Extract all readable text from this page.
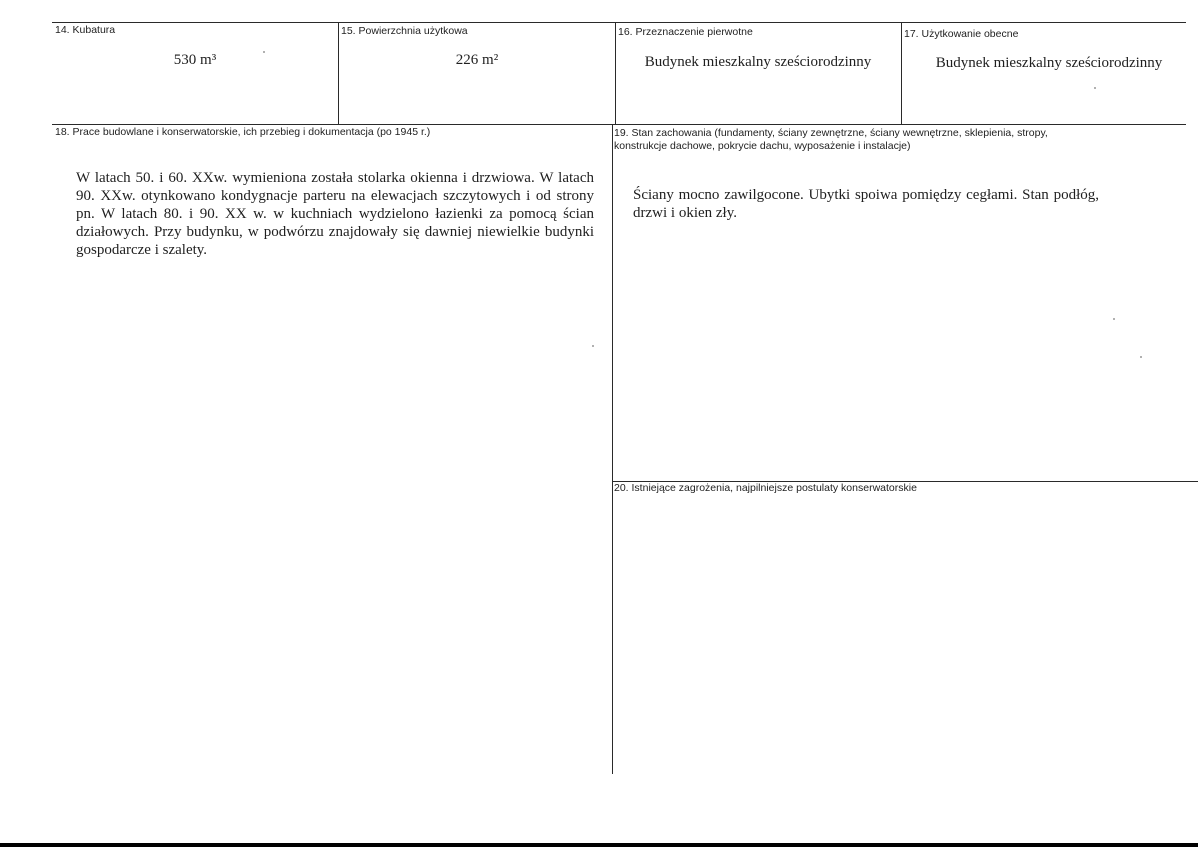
14. Kubatura
530 m³
15. Powierzchnia użytkowa
226 m²
16. Przeznaczenie pierwotne
Budynek mieszkalny sześciorodzinny
17. Użytkowanie obecne
Budynek mieszkalny sześciorodzinny
18. Prace budowlane i konserwatorskie, ich przebieg i dokumentacja (po 1945 r.)
W latach 50. i 60. XXw. wymieniona została stolarka okienna i drzwiowa. W latach 90. XXw. otynkowano kondygnacje parteru na elewacjach szczytowych i od strony pn. W latach 80. i 90. XX w. w kuchniach wydzielono łazienki za pomocą ścian działowych. Przy budynku, w podwórzu znajdowały się dawniej niewielkie budynki gospodarcze i szalety.
19. Stan zachowania (fundamenty, ściany zewnętrzne, ściany wewnętrzne, sklepienia, stropy, konstrukcje dachowe, pokrycie dachu, wyposażenie i instalacje)
Ściany mocno zawilgocone. Ubytki spoiwa pomiędzy cegłami. Stan podłóg, drzwi i okien zły.
20. Istniejące zagrożenia, najpilniejsze postulaty konserwatorskie
